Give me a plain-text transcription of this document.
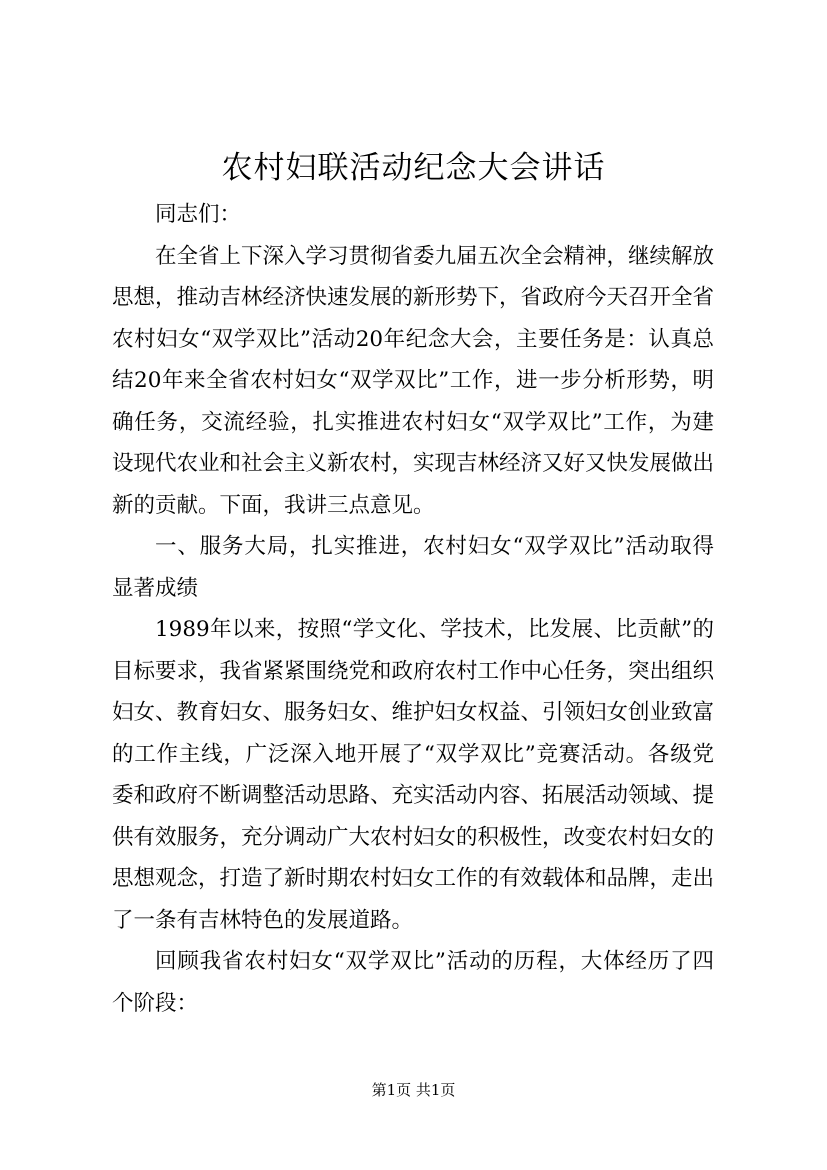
农村妇联活动纪念大会讲话

同志们：

在全省上下深入学习贯彻省委九届五次全会精神，继续解放思想，推动吉林经济快速发展的新形势下，省政府今天召开全省农村妇女“双学双比”活动20年纪念大会，主要任务是：认真总结20年来全省农村妇女“双学双比”工作，进一步分析形势，明确任务，交流经验，扎实推进农村妇女“双学双比”工作，为建设现代农业和社会主义新农村，实现吉林经济又好又快发展做出新的贡献。下面，我讲三点意见。

一、服务大局，扎实推进，农村妇女“双学双比”活动取得显著成绩

1989年以来，按照“学文化、学技术，比发展、比贡献”的目标要求，我省紧紧围绕党和政府农村工作中心任务，突出组织妇女、教育妇女、服务妇女、维护妇女权益、引领妇女创业致富的工作主线，广泛深入地开展了“双学双比”竞赛活动。各级党委和政府不断调整活动思路、充实活动内容、拓展活动领域、提供有效服务，充分调动广大农村妇女的积极性，改变农村妇女的思想观念，打造了新时期农村妇女工作的有效载体和品牌，走出了一条有吉林特色的发展道路。

回顾我省农村妇女“双学双比”活动的历程，大体经历了四个阶段：

第1页 共1页
